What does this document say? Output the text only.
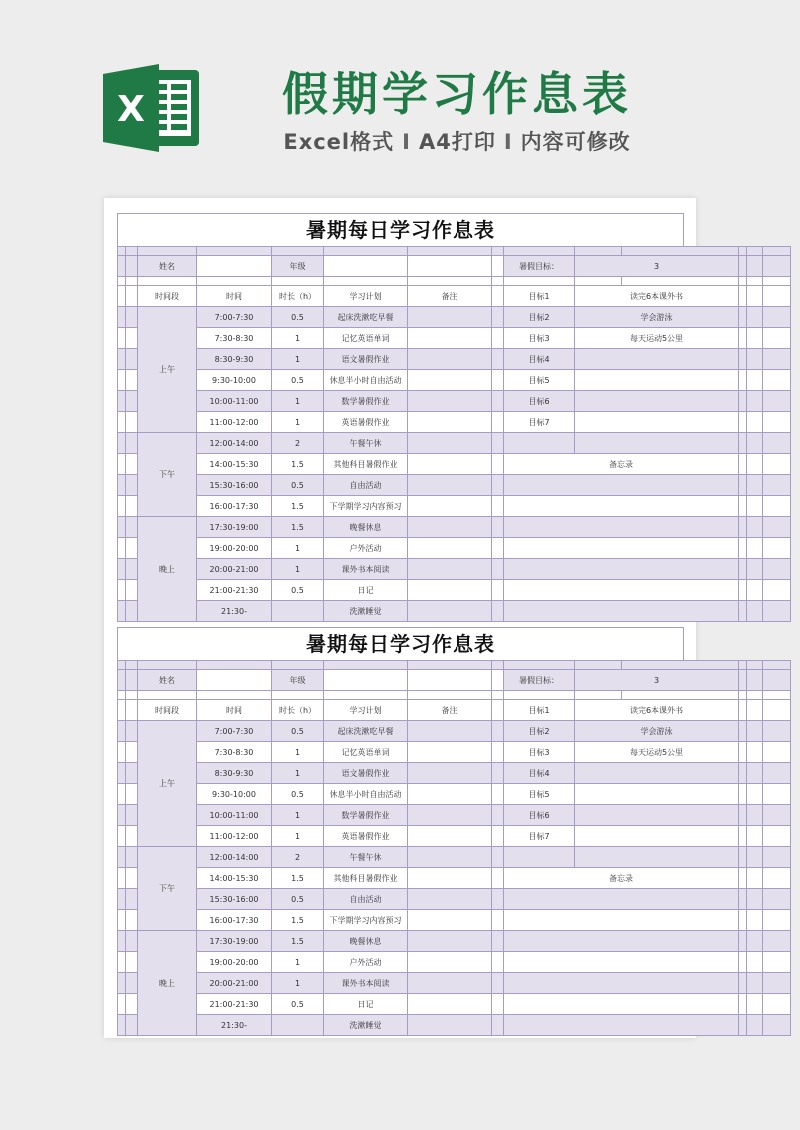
X	假期学习作息表
Excel格式 I A4打印 I 内容可修改
暑期每日学习作息表

		姓名		年级				暑假目标：	3				

		时间段	时间	时长（h）	学习计划	备注		目标1	读完6本课外书				
		上午	7:00-7:30	0.5	起床洗漱吃早餐			目标2	学会游泳				
			7:30-8:30	1	记忆英语单词			目标3	每天运动5公里				
			8:30-9:30	1	语文暑假作业			目标4					
			9:30-10:00	0.5	休息半小时自由活动			目标5					
			10:00-11:00	1	数学暑假作业			目标6					
			11:00-12:00	1	英语暑假作业			目标7					
		下午	12:00-14:00	2	午餐午休								
			14:00-15:30	1.5	其他科目暑假作业			备忘录					
			15:30-16:00	0.5	自由活动								
			16:00-17:30	1.5	下学期学习内容预习								
		晚上	17:30-19:00	1.5	晚餐休息								
			19:00-20:00	1	户外活动								
			20:00-21:00	1	课外书本阅读								
			21:00-21:30	0.5	日记								
			21:30-		洗漱睡觉								
暑期每日学习作息表

		姓名		年级				暑假目标：	3				

		时间段	时间	时长（h）	学习计划	备注		目标1	读完6本课外书				
		上午	7:00-7:30	0.5	起床洗漱吃早餐			目标2	学会游泳				
			7:30-8:30	1	记忆英语单词			目标3	每天运动5公里				
			8:30-9:30	1	语文暑假作业			目标4					
			9:30-10:00	0.5	休息半小时自由活动			目标5					
			10:00-11:00	1	数学暑假作业			目标6					
			11:00-12:00	1	英语暑假作业			目标7					
		下午	12:00-14:00	2	午餐午休								
			14:00-15:30	1.5	其他科目暑假作业			备忘录					
			15:30-16:00	0.5	自由活动								
			16:00-17:30	1.5	下学期学习内容预习								
		晚上	17:30-19:00	1.5	晚餐休息								
			19:00-20:00	1	户外活动								
			20:00-21:00	1	课外书本阅读								
			21:00-21:30	0.5	日记								
			21:30-		洗漱睡觉								
